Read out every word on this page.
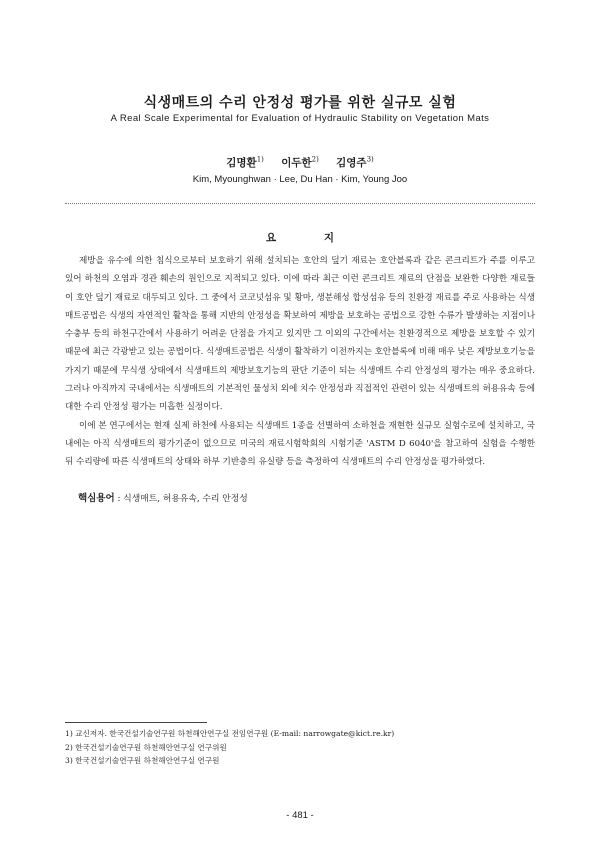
식생매트의 수리 안정성 평가를 위한 실규모 실험
A Real Scale Experimental for Evaluation of Hydraulic Stability on Vegetation Mats
김명환$^{1)}$ 이두한$^{2)}$ 김영주$^{3)}$
Kim, Myounghwan · Lee, Du Han · Kim, Young Joo
요 지

제방을 유수에 의한 침식으로부터 보호하기 위해 설치되는 호안의 덮기 재료는 호안블록과 같은 콘크리트가 주를 이루고 있어 하천의 오염과 경관 훼손의 원인으로 지적되고 있다. 이에 따라 최근 이런 콘크리트 재료의 단점을 보완한 다양한 재료들이 호안 덮기 재료로 대두되고 있다. 그 중에서 코코넛섬유 및 황마, 생분해성 합성섬유 등의 친환경 재료를 주로 사용하는 식생매트공법은 식생의 자연적인 활착을 통해 지반의 안정성을 확보하여 제방을 보호하는 공법으로 강한 수류가 발생하는 지점이나 수충부 등의 하천구간에서 사용하기 어려운 단점을 가지고 있지만 그 이외의 구간에서는 친환경적으로 제방을 보호할 수 있기 때문에 최근 각광받고 있는 공법이다. 식생매트공법은 식생이 활착하기 이전까지는 호안블록에 비해 매우 낮은 제방보호기능을 가지기 때문에 무식생 상태에서 식생매트의 제방보호기능의 판단 기준이 되는 식생매트 수리 안정성의 평가는 매우 중요하다. 그러나 아직까지 국내에서는 식생매트의 기본적인 물성치 외에 치수 안정성과 직접적인 관련이 있는 식생매트의 허용유속 등에 대한 수리 안정성 평가는 미흡한 실정이다.

이에 본 연구에서는 현재 실제 하천에 사용되는 식생매트 1종을 선별하여 소하천을 재현한 실규모 실험수로에 설치하고, 국내에는 아직 식생매트의 평가기준이 없으므로 미국의 재료시험학회의 시험기준 'ASTM D 6040'을 참고하여 실험을 수행한 뒤 수리량에 따른 식생매트의 상태와 하부 기반층의 유실량 등을 측정하여 식생매트의 수리 안정성을 평가하였다.

핵심용어 : 식생매트, 허용유속, 수리 안정성
1) 교신저자. 한국건설기술연구원 하천해안연구실 전임연구원 (E-mail: narrowgate@kict.re.kr)
2) 한국건설기술연구원 하천해안연구실 연구위원
3) 한국건설기술연구원 하천해안연구실 연구원
- 481 -
